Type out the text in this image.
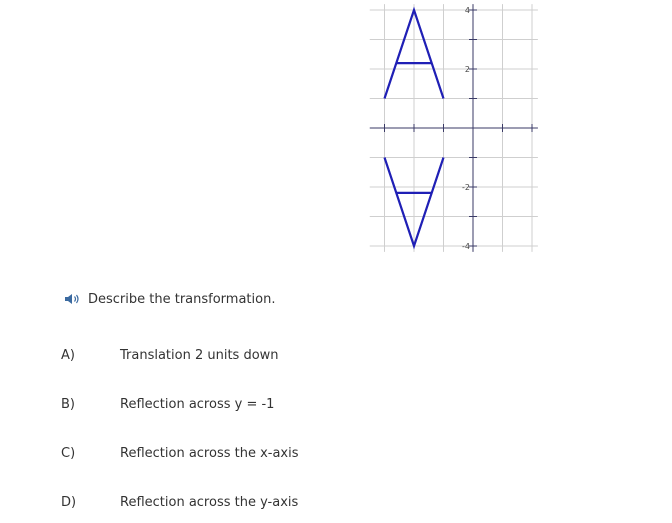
4
2
-2
-4
Describe the transformation.
A)	Translation 2 units down
B)	Reflection across y = -1
C)	Reflection across the x-axis
D)	Reflection across the y-axis
